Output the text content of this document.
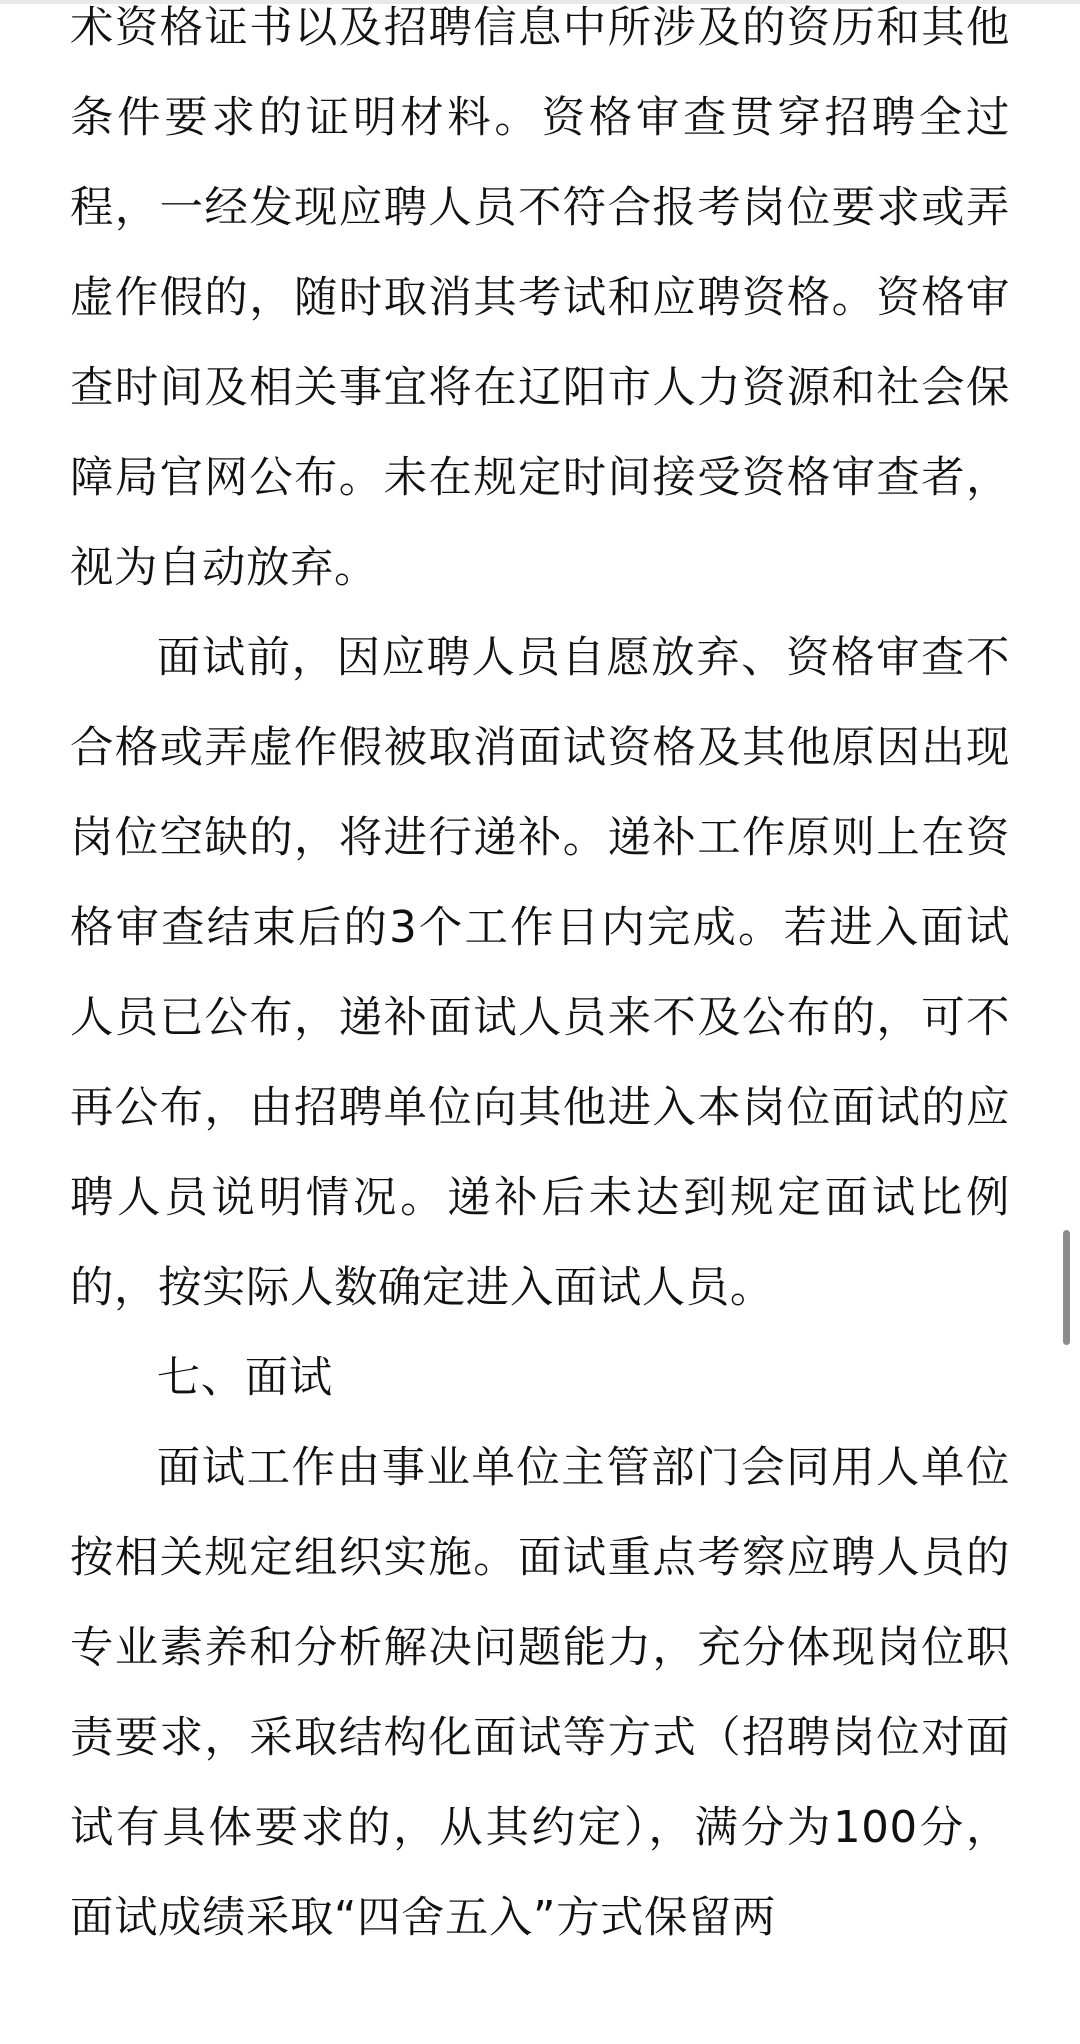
术资格证书以及招聘信息中所涉及的资历和其他条件要求的证明材料。资格审查贯穿招聘全过程，一经发现应聘人员不符合报考岗位要求或弄虚作假的，随时取消其考试和应聘资格。资格审查时间及相关事宜将在辽阳市人力资源和社会保障局官网公布。未在规定时间接受资格审查者，视为自动放弃。

面试前，因应聘人员自愿放弃、资格审查不合格或弄虚作假被取消面试资格及其他原因出现岗位空缺的，将进行递补。递补工作原则上在资格审查结束后的3个工作日内完成。若进入面试人员已公布，递补面试人员来不及公布的，可不再公布，由招聘单位向其他进入本岗位面试的应聘人员说明情况。递补后未达到规定面试比例的，按实际人数确定进入面试人员。

七、面试

面试工作由事业单位主管部门会同用人单位按相关规定组织实施。面试重点考察应聘人员的专业素养和分析解决问题能力，充分体现岗位职责要求，采取结构化面试等方式（招聘岗位对面试有具体要求的，从其约定），满分为100分，面试成绩采取“四舍五入”方式保留两
